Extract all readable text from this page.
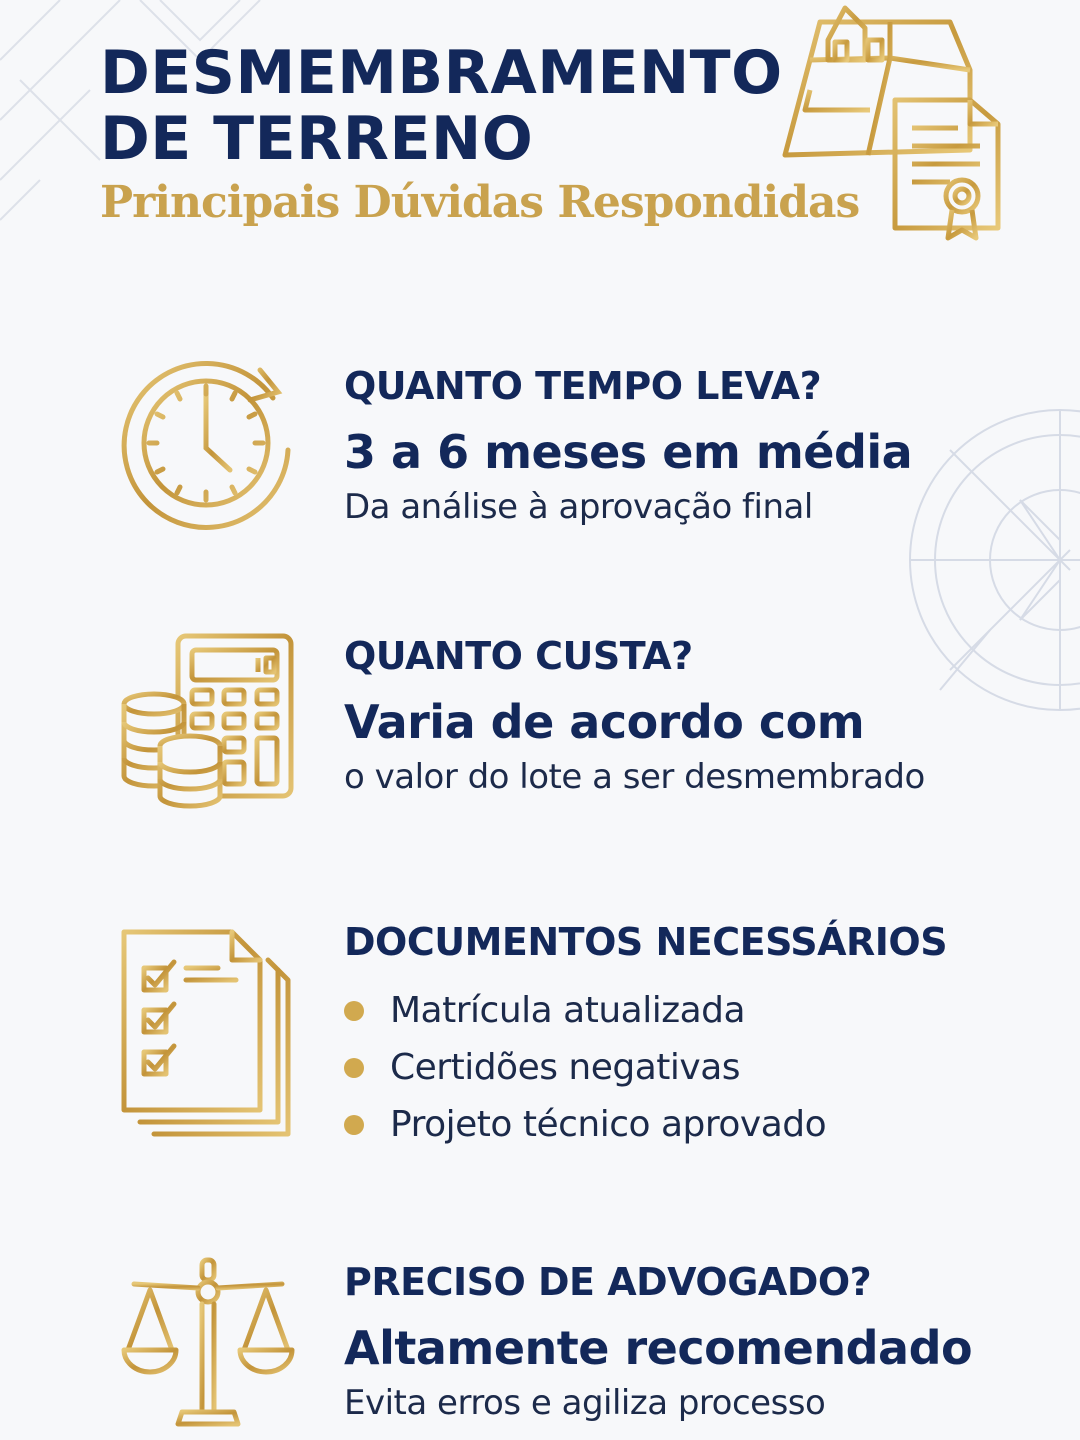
DESMEMBRAMENTO
DE TERRENO
Principais Dúvidas Respondidas
QUANTO TEMPO LEVA?
3 a 6 meses em média
Da análise à aprovação final
QUANTO CUSTA?
Varia de acordo com
o valor do lote a ser desmembrado
DOCUMENTOS NECESSÁRIOS
Matrícula atualizada
Certidões negativas
Projeto técnico aprovado
PRECISO DE ADVOGADO?
Altamente recomendado
Evita erros e agiliza processo
